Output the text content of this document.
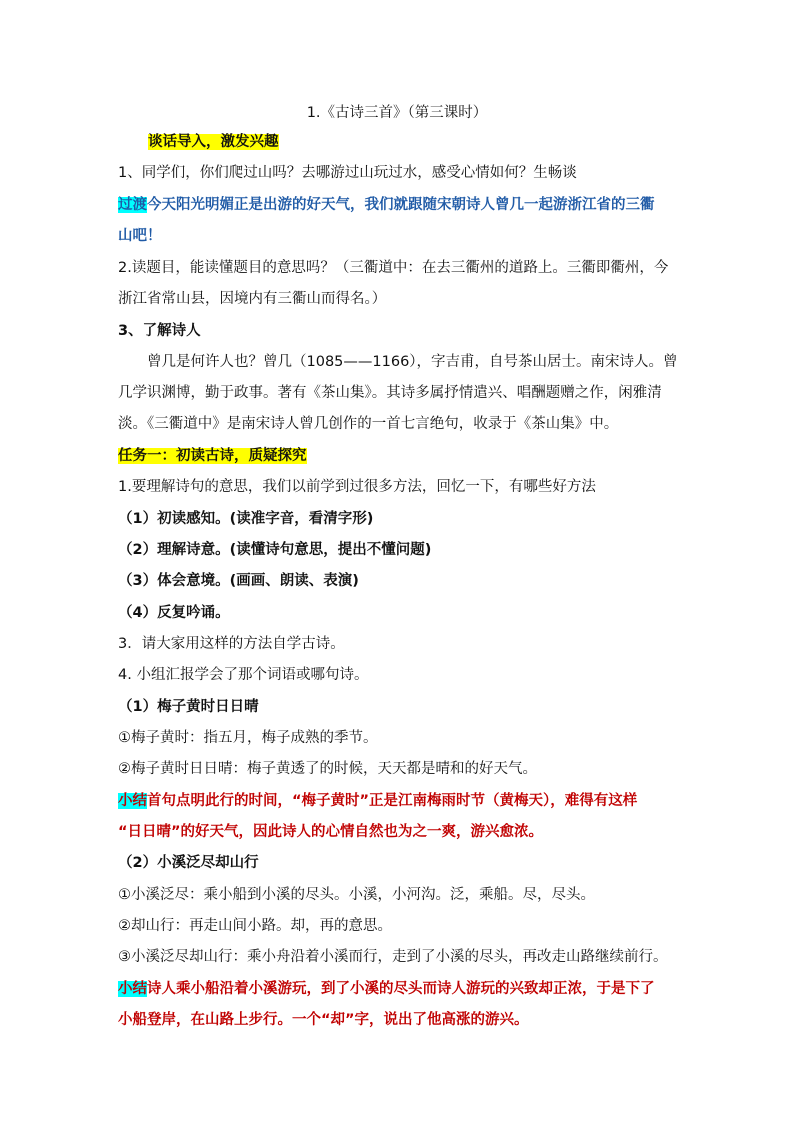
1.《古诗三首》（第三课时）
谈话导入，激发兴趣
1、同学们，你们爬过山吗？去哪游过山玩过水，感受心情如何？生畅谈
过渡今天阳光明媚正是出游的好天气，我们就跟随宋朝诗人曾几一起游浙江省的三衢
山吧！
2.读题目，能读懂题目的意思吗？（三衢道中：在去三衢州的道路上。三衢即衢州，今
浙江省常山县，因境内有三衢山而得名。）
3、了解诗人
曾几是何许人也？曾几（1085——1166），字吉甫，自号茶山居士。南宋诗人。曾
几学识渊博，勤于政事。著有《茶山集》。其诗多属抒情遣兴、唱酬题赠之作，闲雅清
淡。《三衢道中》是南宋诗人曾几创作的一首七言绝句，收录于《茶山集》中。
任务一：初读古诗，质疑探究
1.要理解诗句的意思，我们以前学到过很多方法，回忆一下，有哪些好方法
（1）初读感知。(读准字音，看清字形)
（2）理解诗意。(读懂诗句意思，提出不懂问题)
（3）体会意境。(画画、朗读、表演)
（4）反复吟诵。
3．请大家用这样的方法自学古诗。
4. 小组汇报学会了那个词语或哪句诗。
（1）梅子黄时日日晴
①梅子黄时：指五月，梅子成熟的季节。
②梅子黄时日日晴：梅子黄透了的时候，天天都是晴和的好天气。
小结首句点明此行的时间，“梅子黄时”正是江南梅雨时节（黄梅天），难得有这样
“日日晴”的好天气，因此诗人的心情自然也为之一爽，游兴愈浓。
（2）小溪泛尽却山行
①小溪泛尽：乘小船到小溪的尽头。小溪，小河沟。泛，乘船。尽，尽头。
②却山行：再走山间小路。却，再的意思。
③小溪泛尽却山行：乘小舟沿着小溪而行，走到了小溪的尽头，再改走山路继续前行。
小结诗人乘小船沿着小溪游玩，到了小溪的尽头而诗人游玩的兴致却正浓，于是下了
小船登岸，在山路上步行。一个“却”字，说出了他高涨的游兴。
